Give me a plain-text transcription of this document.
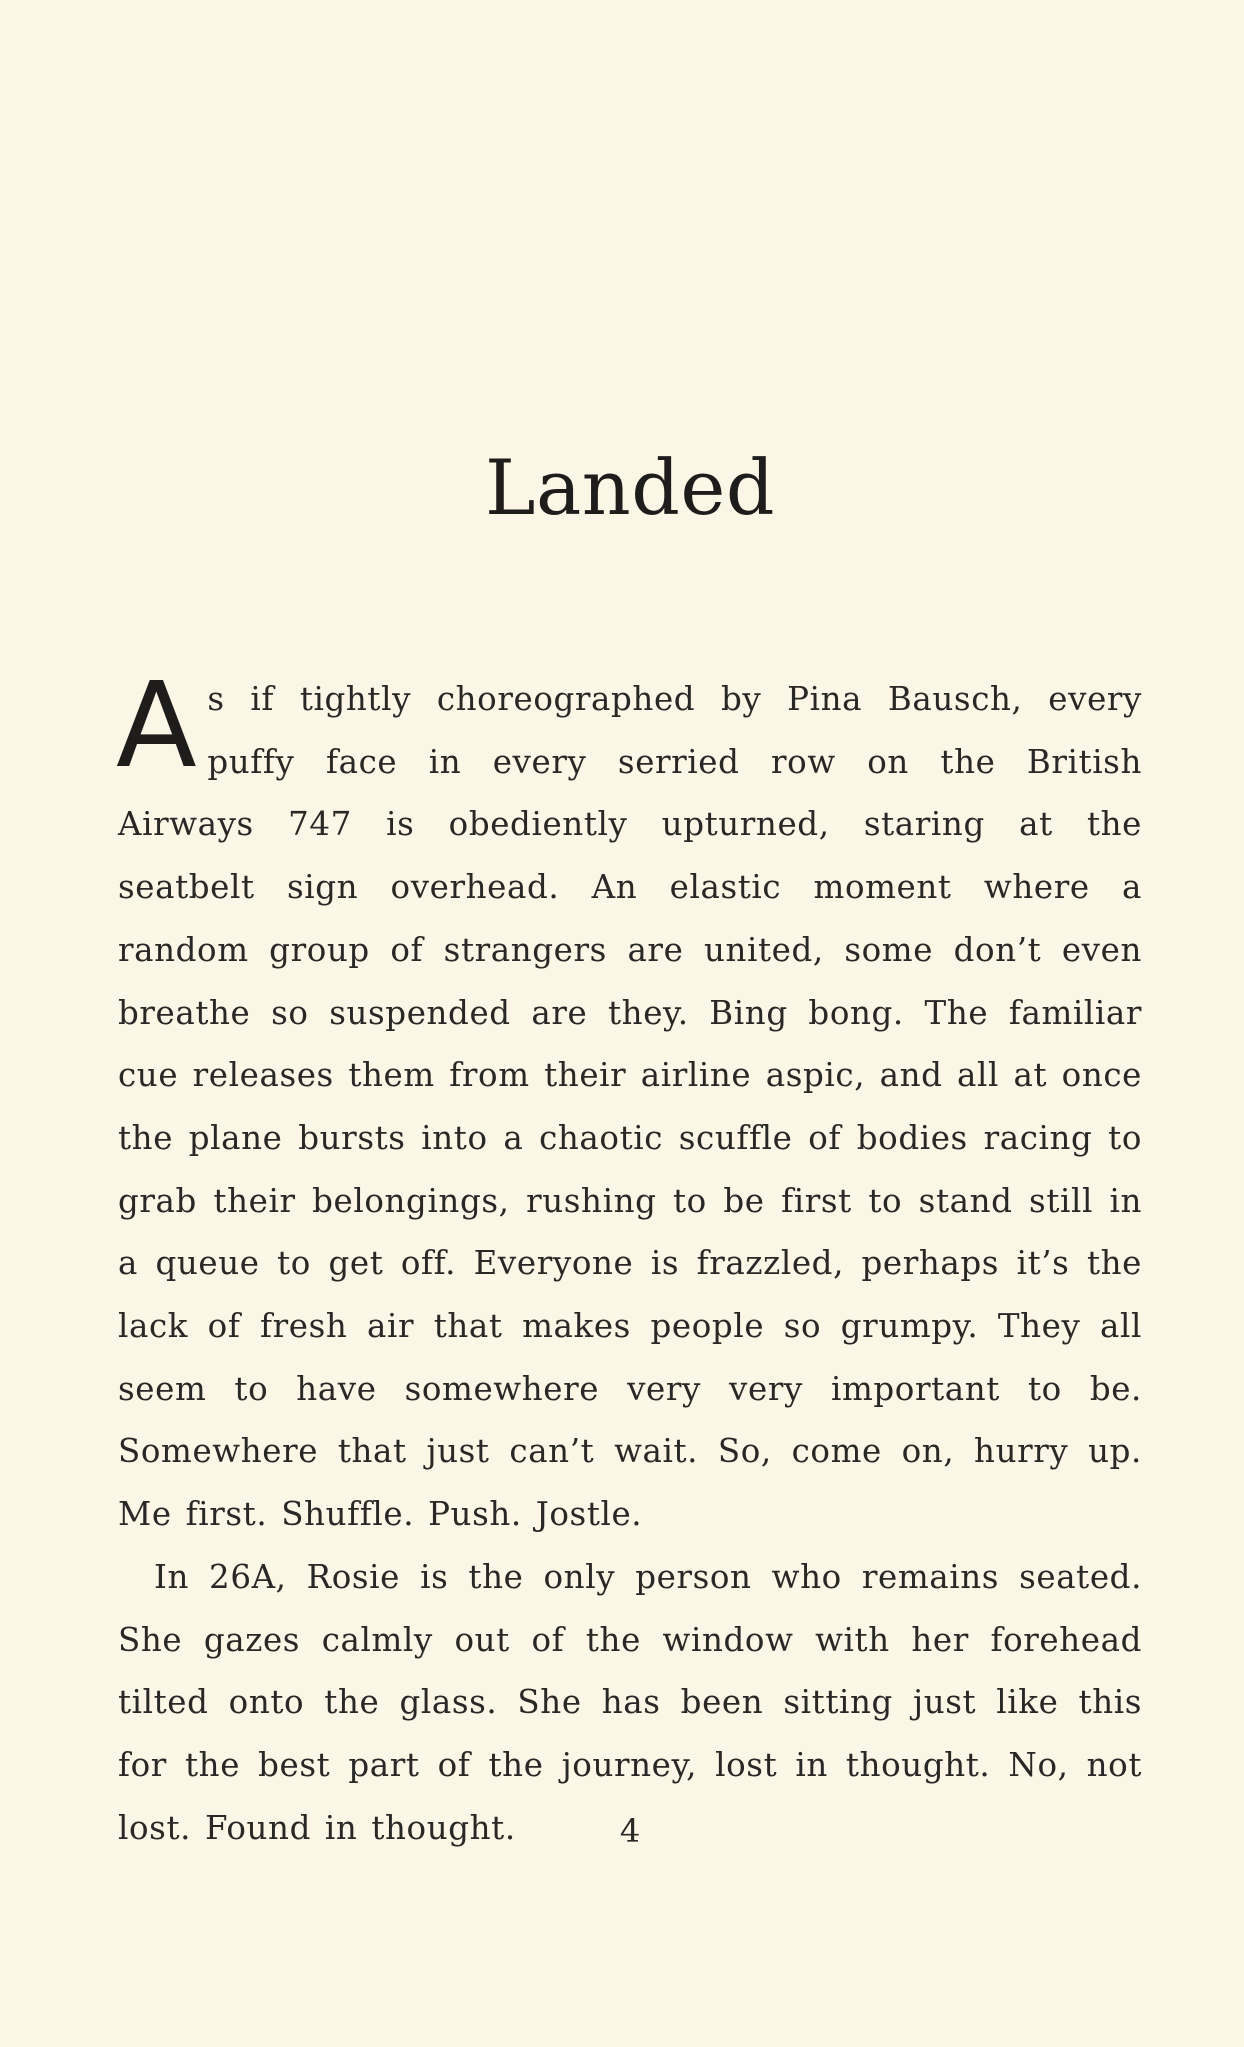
Landed

As if tightly choreographed by Pina Bausch, every puffy face in every serried row on the British Airways 747 is obediently upturned, staring at the seatbelt sign overhead. An elastic moment where a random group of strangers are united, some don’t even breathe so suspended are they. Bing bong. The familiar cue releases them from their airline aspic, and all at once the plane bursts into a chaotic scuffle of bodies racing to grab their belongings, rushing to be first to stand still in a queue to get off. Everyone is frazzled, perhaps it’s the lack of fresh air that makes people so grumpy. They all seem to have somewhere very very important to be. Somewhere that just can’t wait. So, come on, hurry up. Me first. Shuffle. Push. Jostle.

In 26A, Rosie is the only person who remains seated. She gazes calmly out of the window with her forehead tilted onto the glass. She has been sitting just like this for the best part of the journey, lost in thought. No, not lost. Found in thought.	4
